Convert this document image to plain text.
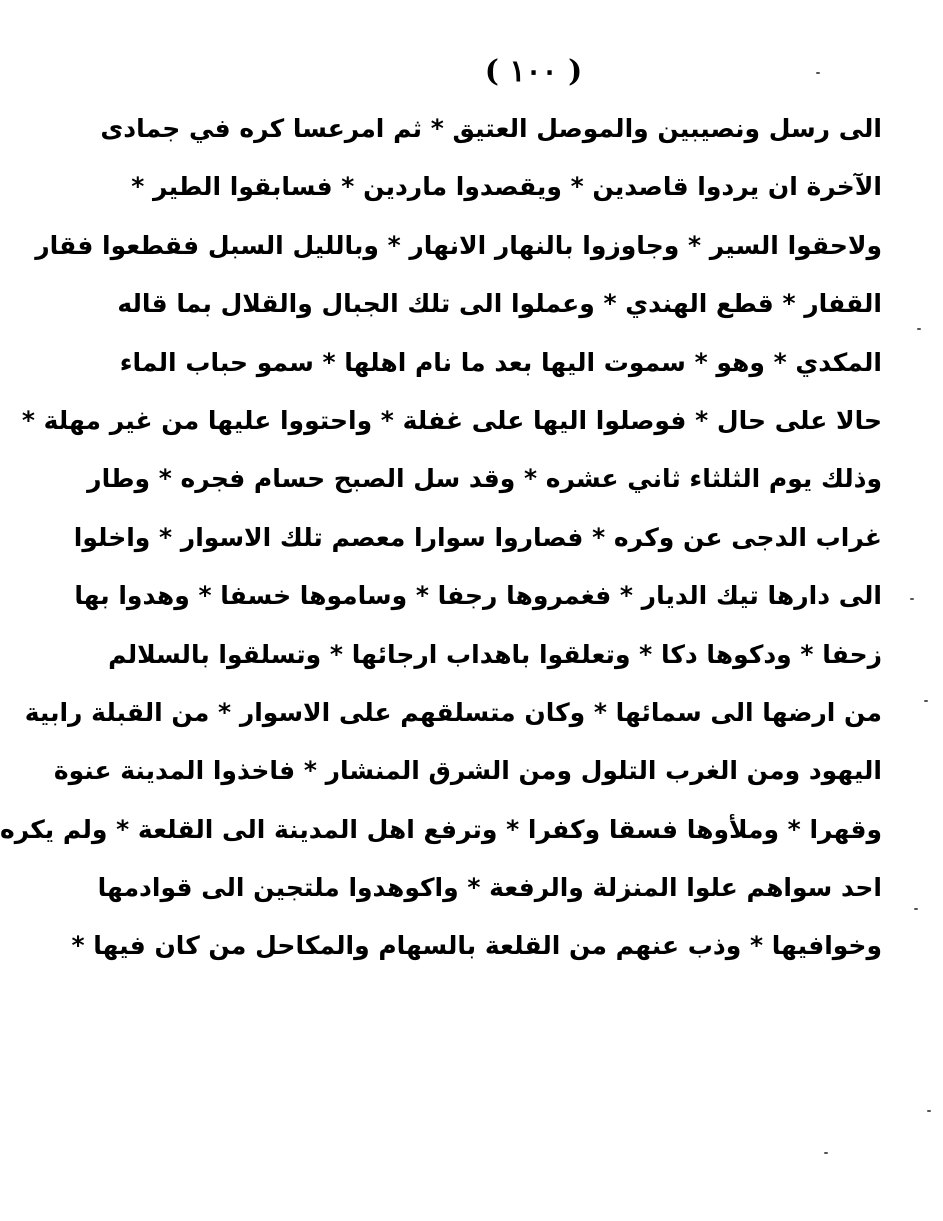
( ١٠٠ )
الى رسل ونصيبين والموصل العتيق * ثم امرعسا كره في جمادى
الآخرة ان يردوا قاصدين * ويقصدوا ماردين * فسابقوا الطير *
ولاحقوا السير * وجاوزوا بالنهار الانهار * وبالليل السبل فقطعوا فقار
القفار * قطع الهندي * وعملوا الى تلك الجبال والقلال بما قاله
المكدي * وهو * سموت اليها بعد ما نام اهلها * سمو حباب الماء
حالا على حال * فوصلوا اليها على غفلة * واحتووا عليها من غير مهلة *
وذلك يوم الثلثاء ثاني عشره * وقد سل الصبح حسام فجره * وطار
غراب الدجى عن وكره * فصاروا سوارا معصم تلك الاسوار * واخلوا
الى دارها تيك الديار * فغمروها رجفا * وساموها خسفا * وهدوا بها
زحفا * ودكوها دكا * وتعلقوا باهداب ارجائها * وتسلقوا بالسلالم
من ارضها الى سمائها * وكان متسلقهم على الاسوار * من القبلة رابية
اليهود ومن الغرب التلول ومن الشرق المنشار * فاخذوا المدينة عنوة
وقهرا * وملأوها فسقا وكفرا * وترفع اهل المدينة الى القلعة * ولم يكره
احد سواهم علوا المنزلة والرفعة * واكوهدوا ملتجين الى قوادمها
وخوافيها * وذب عنهم من القلعة بالسهام والمكاحل من كان فيها *
